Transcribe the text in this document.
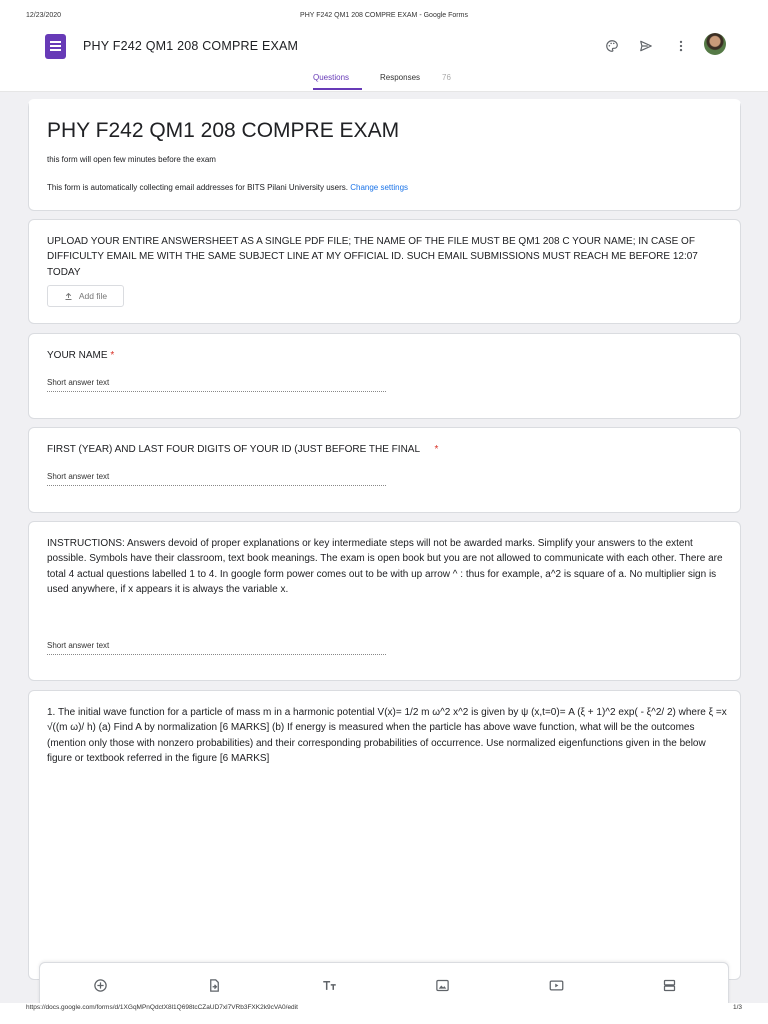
12/23/2020	PHY F242 QM1 208 COMPRE EXAM - Google Forms
PHY F242 QM1 208 COMPRE EXAM
Questions	Responses	76
PHY F242 QM1 208 COMPRE EXAM

this form will open few minutes before the exam

This form is automatically collecting email addresses for BITS Pilani University users. Change settings

UPLOAD YOUR ENTIRE ANSWERSHEET AS A SINGLE PDF FILE; THE NAME OF THE FILE MUST BE QM1 208 C YOUR NAME; IN CASE OF DIFFICULTY EMAIL ME WITH THE SAME SUBJECT LINE AT MY OFFICIAL ID. SUCH EMAIL SUBMISSIONS MUST REACH ME BEFORE 12:07 TODAY

Add file

YOUR NAME *

Short answer text

FIRST (YEAR) AND LAST FOUR DIGITS OF YOUR ID (JUST BEFORE THE FINAL *

Short answer text

INSTRUCTIONS: Answers devoid of proper explanations or key intermediate steps will not be awarded marks. Simplify your answers to the extent possible. Symbols have their classroom, text book meanings. The exam is open book but you are not allowed to communicate with each other. There are total 4 actual questions labelled 1 to 4. In google form power comes out to be with up arrow ^ : thus for example, a^2 is square of a. No multiplier sign is used anywhere, if x appears it is always the variable x.

Short answer text

1. The initial wave function for a particle of mass m in a harmonic potential V(x)= 1/2 m ω^2 x^2 is given by ψ (x,t=0)= A (ξ + 1)^2 exp( - ξ^2/ 2) where ξ =x √((m ω)/ h) (a) Find A by normalization [6 MARKS] (b) If energy is measured when the particle has above wave function, what will be the outcomes (mention only those with nonzero probabilities) and their corresponding probabilities of occurrence. Use normalized eigenfunctions given in the below figure or textbook referred in the figure [6 MARKS]

https://docs.google.com/forms/d/1XGqMPnQdctX8l1Q698tcCZaUD7xl7VRb3FXK2k9cVA0/edit	1/3
